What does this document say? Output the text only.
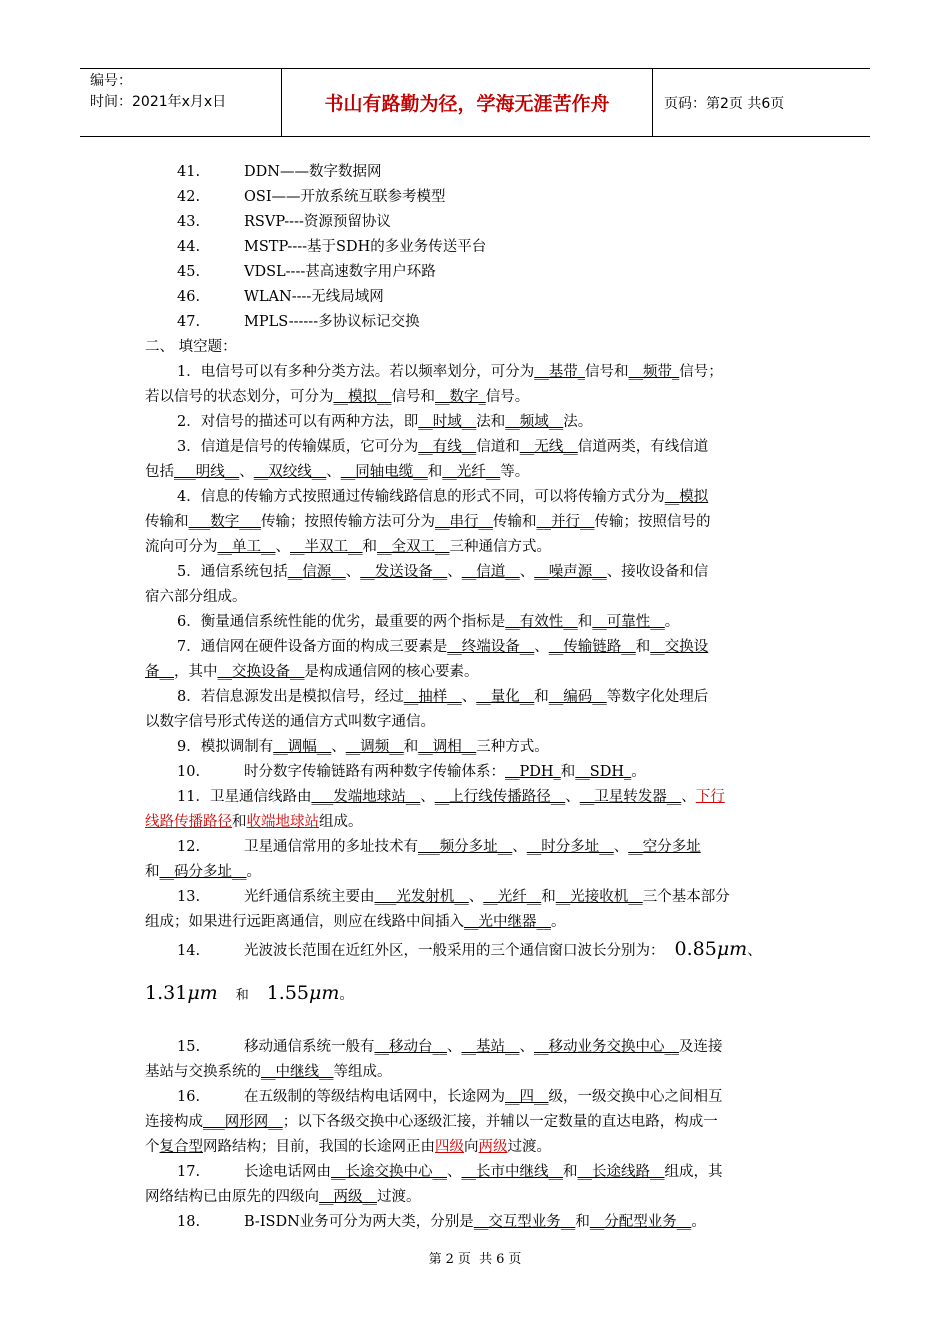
编号：
时间：2021年x月x日	书山有路勤为径，学海无涯苦作舟	页码：第2页 共6页
41.	DDN——数字数据网
42.	OSI——开放系统互联参考模型
43.	RSVP----资源预留协议
44.	MSTP----基于SDH的多业务传送平台
45.	VDSL----甚高速数字用户环路
46.	WLAN----无线局域网
47.	MPLS------多协议标记交换
二、 填空题：
1．电信号可以有多种分类方法。若以频率划分，可分为__基带_信号和__频带_信号；
若以信号的状态划分，可分为__模拟__信号和__数字_信号。
2．对信号的描述可以有两种方法，即__时域__法和__频域__法。
3．信道是信号的传输媒质，它可分为__有线__信道和__无线__信道两类，有线信道
包括___明线__、__双绞线__、__同轴电缆__和__光纤__等。
4．信息的传输方式按照通过传输线路信息的形式不同，可以将传输方式分为__模拟
传输和___数字___传输；按照传输方法可分为__串行__传输和__并行__传输；按照信号的
流向可分为__单工__、__半双工__和__全双工__三种通信方式。
5．通信系统包括__信源__、__发送设备__、__信道__、__噪声源__、接收设备和信
宿六部分组成。
6．衡量通信系统性能的优劣，最重要的两个指标是__有效性__和__可靠性__。
7．通信网在硬件设备方面的构成三要素是__终端设备__、__传输链路__和__交换设
备__，其中__交换设备__是构成通信网的核心要素。
8．若信息源发出是模拟信号，经过__抽样__、__量化__和__编码__等数字化处理后
以数字信号形式传送的通信方式叫数字通信。
9．模拟调制有__调幅__、__调频__和__调相__三种方式。
10.	时分数字传输链路有两种数字传输体系：__PDH_和__SDH_。
11．卫星通信线路由___发端地球站__、__上行线传播路径__、__卫星转发器__、下行
线路传播路径和收端地球站组成。
12.	卫星通信常用的多址技术有___频分多址__、__时分多址__、__空分多址
和__码分多址__。
13.	光纤通信系统主要由___光发射机__、__光纤__和__光接收机__三个基本部分
组成；如果进行远距离通信，则应在线路中间插入__光中继器__。
14.	光波波长范围在近红外区，一般采用的三个通信窗口波长分别为： 0.85μm、
1.31μm 和 1.55μm。
15.	移动通信系统一般有__移动台__、__基站__、__移动业务交换中心__及连接
基站与交换系统的__中继线__等组成。
16.	在五级制的等级结构电话网中，长途网为__四__级，一级交换中心之间相互
连接构成___网形网__；以下各级交换中心逐级汇接，并辅以一定数量的直达电路，构成一
个复合型网路结构；目前，我国的长途网正由四级向两级过渡。
17.	长途电话网由__长途交换中心__、__长市中继线__和__长途线路__组成，其
网络结构已由原先的四级向__两级__过渡。
18.	B-ISDN业务可分为两大类，分别是__交互型业务__和__分配型业务__。
第 2 页 共 6 页
